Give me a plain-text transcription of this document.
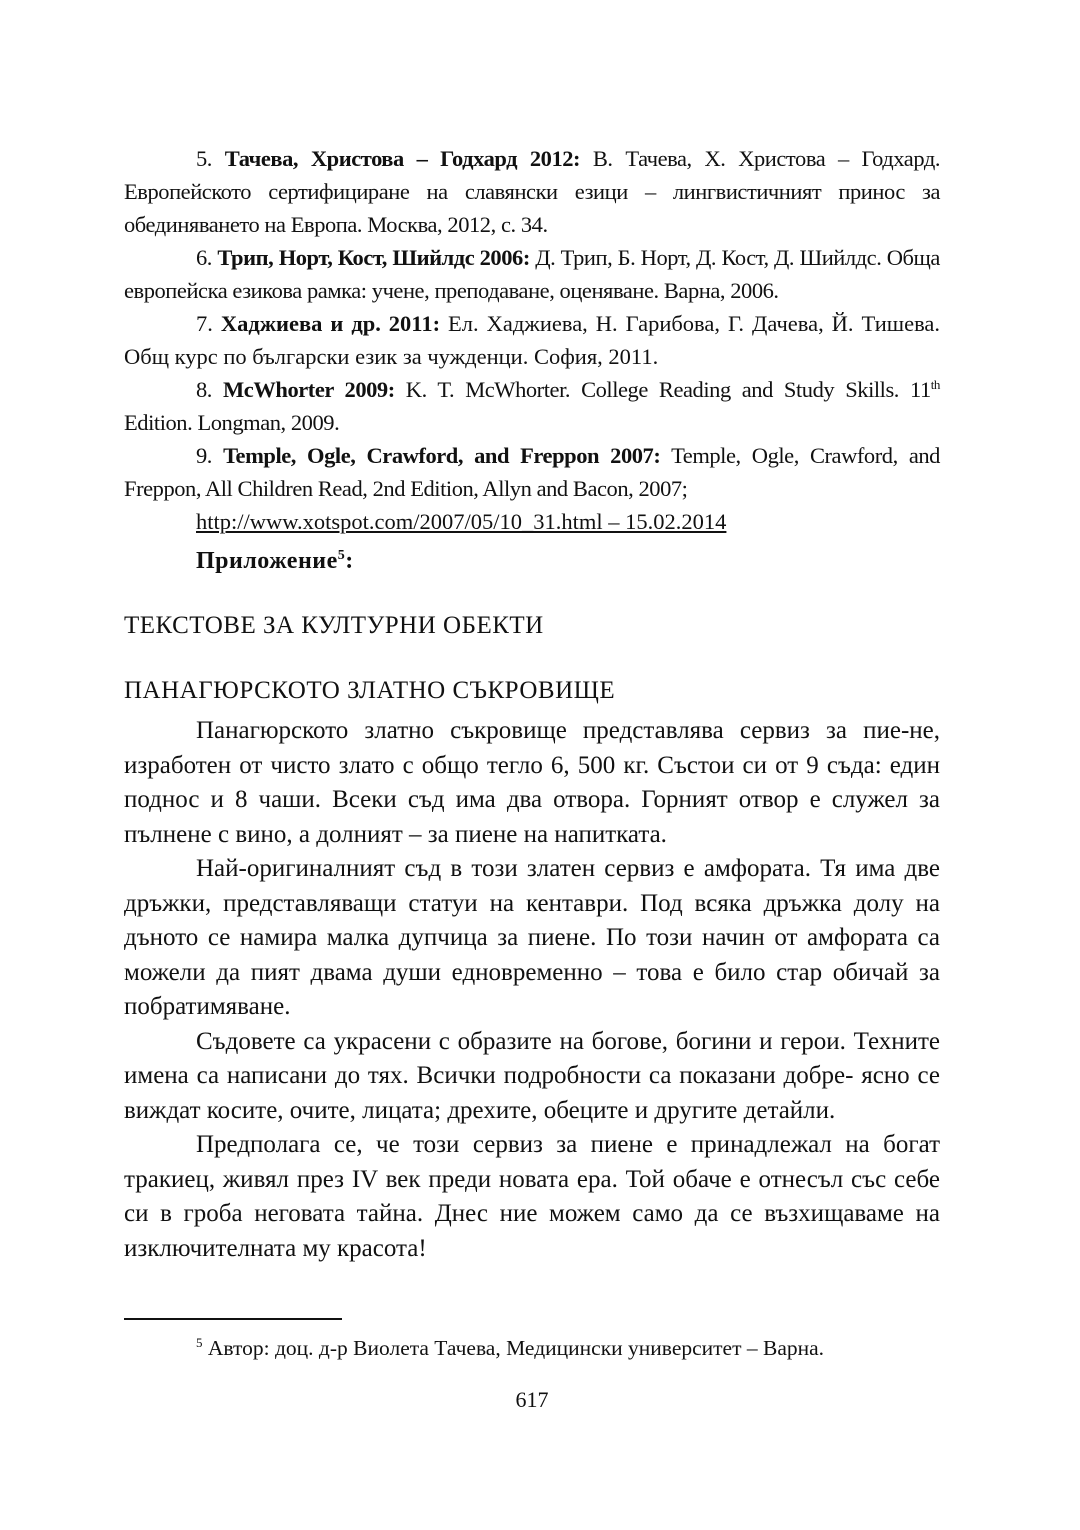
5. Тачева, Христова – Годхард 2012: В. Тачева, Х. Христова – Годхард. Европейското сертифициране на славянски езици – лингвистичният принос за обединяването на Европа. Москва, 2012, с. 34.

6. Трип, Норт, Кост, Шийлдс 2006: Д. Трип, Б. Норт, Д. Кост, Д. Шийлдс. Обща европейска езикова рамка: учене, преподаване, оценяване. Варна, 2006.

7. Хаджиева и др. 2011: Ел. Хаджиева, Н. Гарибова, Г. Дачева, Й. Тишева. Общ курс по български език за чужденци. София, 2011.

8. McWhorter 2009: K. T. McWhorter. College Reading and Study Skills. 11th Edition. Longman, 2009.

9. Temple, Ogle, Crawford, and Freppon 2007: Temple, Ogle, Crawford, and Freppon, All Children Read, 2nd Edition, Allyn and Bacon, 2007;

http://www.xotspot.com/2007/05/10_31.html – 15.02.2014
Приложение$^5$:
ТЕКСТОВЕ ЗА КУЛТУРНИ ОБЕКТИ
ПАНАГЮРСКОТО ЗЛАТНО СЪКРОВИЩЕ

Панагюрското златно съкровище представлява сервиз за пие-не, изработен от чисто злато с общо тегло 6, 500 кг. Състои си от 9 съда: един поднос и 8 чаши. Всеки съд има два отвора. Горният отвор е служел за пълнене с вино, а долният – за пиене на напитката.

Най-оригиналният съд в този златен сервиз е амфората. Тя има две дръжки, представляващи статуи на кентаври. Под всяка дръжка долу на дъното се намира малка дупчица за пиене. По този начин от амфората са можели да пият двама души едновременно – това е било стар обичай за побратимяване.

Съдовете са украсени с образите на богове, богини и герои. Техните имена са написани до тях. Всички подробности са показани добре- ясно се виждат косите, очите, лицата; дрехите, обеците и другите детайли.

Предполага се, че този сервиз за пиене е принадлежал на богат тракиец, живял през IV век преди новата ера. Той обаче е отнесъл със себе си в гроба неговата тайна. Днес ние можем само да се възхищаваме на изключителната му красота!

$^5$ Автор: доц. д-р Виолета Тачева, Медицински университет – Варна.
617
